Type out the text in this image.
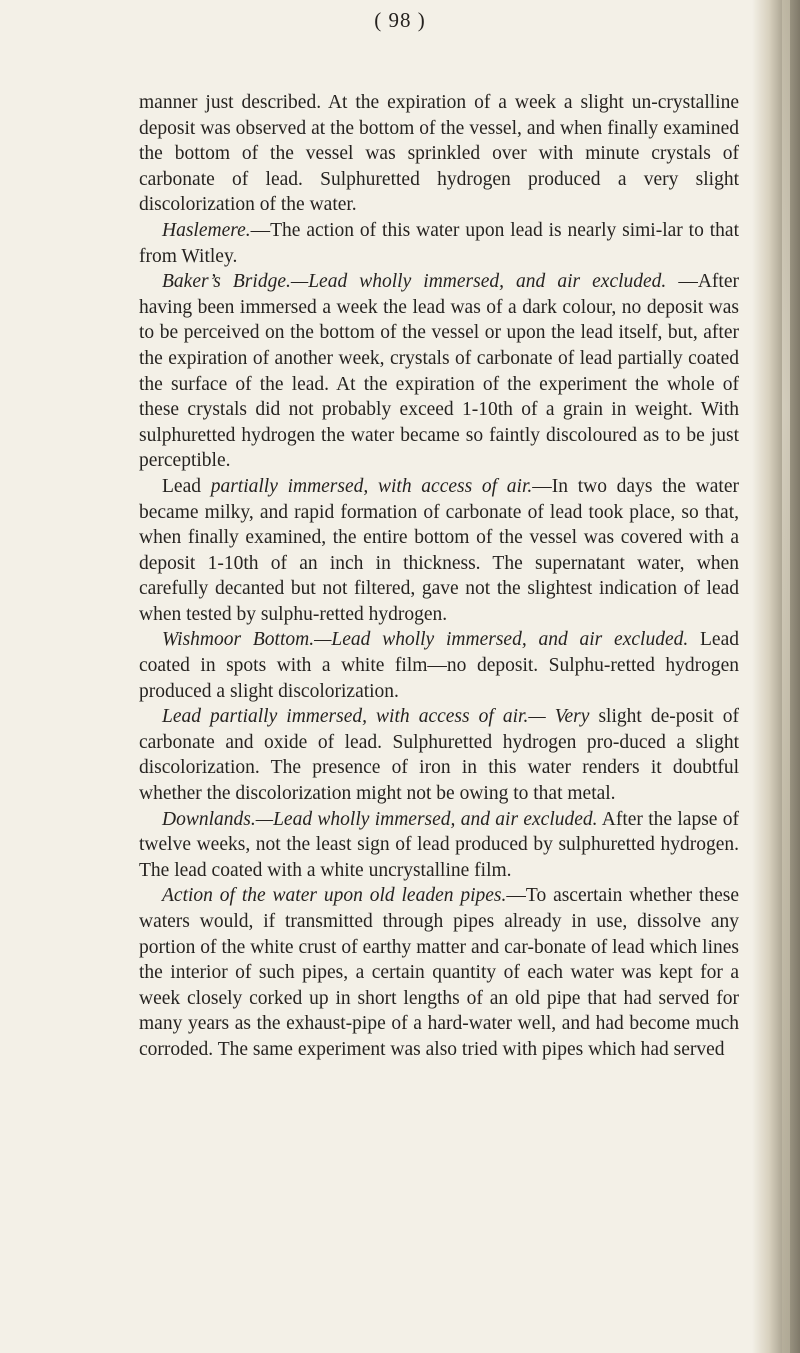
( 98 )

manner just described. At the expiration of a week a slight un-crystalline deposit was observed at the bottom of the vessel, and when finally examined the bottom of the vessel was sprinkled over with minute crystals of carbonate of lead. Sulphuretted hydrogen produced a very slight discolorization of the water.

Haslemere.—The action of this water upon lead is nearly simi-lar to that from Witley.

Baker’s Bridge.—Lead wholly immersed, and air excluded. —After having been immersed a week the lead was of a dark colour, no deposit was to be perceived on the bottom of the vessel or upon the lead itself, but, after the expiration of another week, crystals of carbonate of lead partially coated the surface of the lead. At the expiration of the experiment the whole of these crystals did not probably exceed 1-10th of a grain in weight. With sulphuretted hydrogen the water became so faintly discoloured as to be just perceptible.

Lead partially immersed, with access of air.—In two days the water became milky, and rapid formation of carbonate of lead took place, so that, when finally examined, the entire bottom of the vessel was covered with a deposit 1-10th of an inch in thickness. The supernatant water, when carefully decanted but not filtered, gave not the slightest indication of lead when tested by sulphu-retted hydrogen.

Wishmoor Bottom.—Lead wholly immersed, and air excluded. Lead coated in spots with a white film—no deposit. Sulphu-retted hydrogen produced a slight discolorization.

Lead partially immersed, with access of air.— Very slight de-posit of carbonate and oxide of lead. Sulphuretted hydrogen pro-duced a slight discolorization. The presence of iron in this water renders it doubtful whether the discolorization might not be owing to that metal.

Downlands.—Lead wholly immersed, and air excluded. After the lapse of twelve weeks, not the least sign of lead produced by sulphuretted hydrogen. The lead coated with a white uncrystalline film.

Action of the water upon old leaden pipes.—To ascertain whether these waters would, if transmitted through pipes already in use, dissolve any portion of the white crust of earthy matter and car-bonate of lead which lines the interior of such pipes, a certain quantity of each water was kept for a week closely corked up in short lengths of an old pipe that had served for many years as the exhaust-pipe of a hard-water well, and had become much corroded. The same experiment was also tried with pipes which had served
